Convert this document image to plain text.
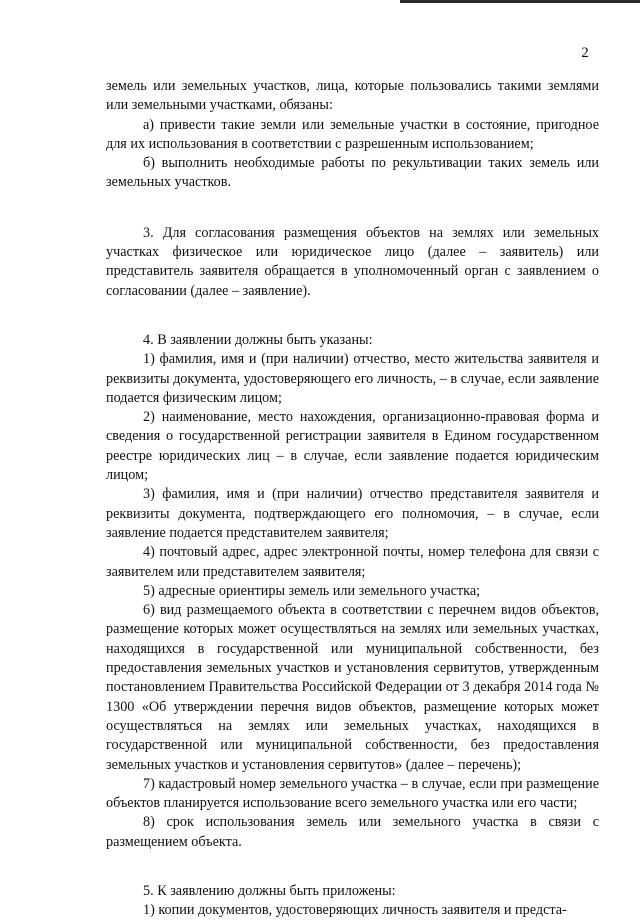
2

земель или земельных участков, лица, которые пользовались такими землями или земельными участками, обязаны:

а) привести такие земли или земельные участки в состояние, пригодное для их использования в соответствии с разрешенным использованием;

б) выполнить необходимые работы по рекультивации таких земель или земельных участков.

3. Для согласования размещения объектов на землях или земельных участках физическое или юридическое лицо (далее – заявитель) или представитель заявителя обращается в уполномоченный орган с заявлением о согласовании (далее – заявление).

4. В заявлении должны быть указаны:

1) фамилия, имя и (при наличии) отчество, место жительства заявителя и реквизиты документа, удостоверяющего его личность, – в случае, если заявление подается физическим лицом;

2) наименование, место нахождения, организационно-правовая форма и сведения о государственной регистрации заявителя в Едином государственном реестре юридических лиц – в случае, если заявление подается юридическим лицом;

3) фамилия, имя и (при наличии) отчество представителя заявителя и реквизиты документа, подтверждающего его полномочия, – в случае, если заявление подается представителем заявителя;

4) почтовый адрес, адрес электронной почты, номер телефона для связи с заявителем или представителем заявителя;

5) адресные ориентиры земель или земельного участка;

6) вид размещаемого объекта в соответствии с перечнем видов объектов, размещение которых может осуществляться на землях или земельных участках, находящихся в государственной или муниципальной собственности, без предоставления земельных участков и установления сервитутов, утвержденным постановлением Правительства Российской Федерации от 3 декабря 2014 года № 1300 «Об утверждении перечня видов объектов, размещение которых может осуществляться на землях или земельных участках, находящихся в государственной или муниципальной собственности, без предоставления земельных участков и установления сервитутов» (далее – перечень);

7) кадастровый номер земельного участка – в случае, если при размещение объектов планируется использование всего земельного участка или его части;

8) срок использования земель или земельного участка в связи с размещением объекта.

5. К заявлению должны быть приложены:

1) копии документов, удостоверяющих личность заявителя и предста-
